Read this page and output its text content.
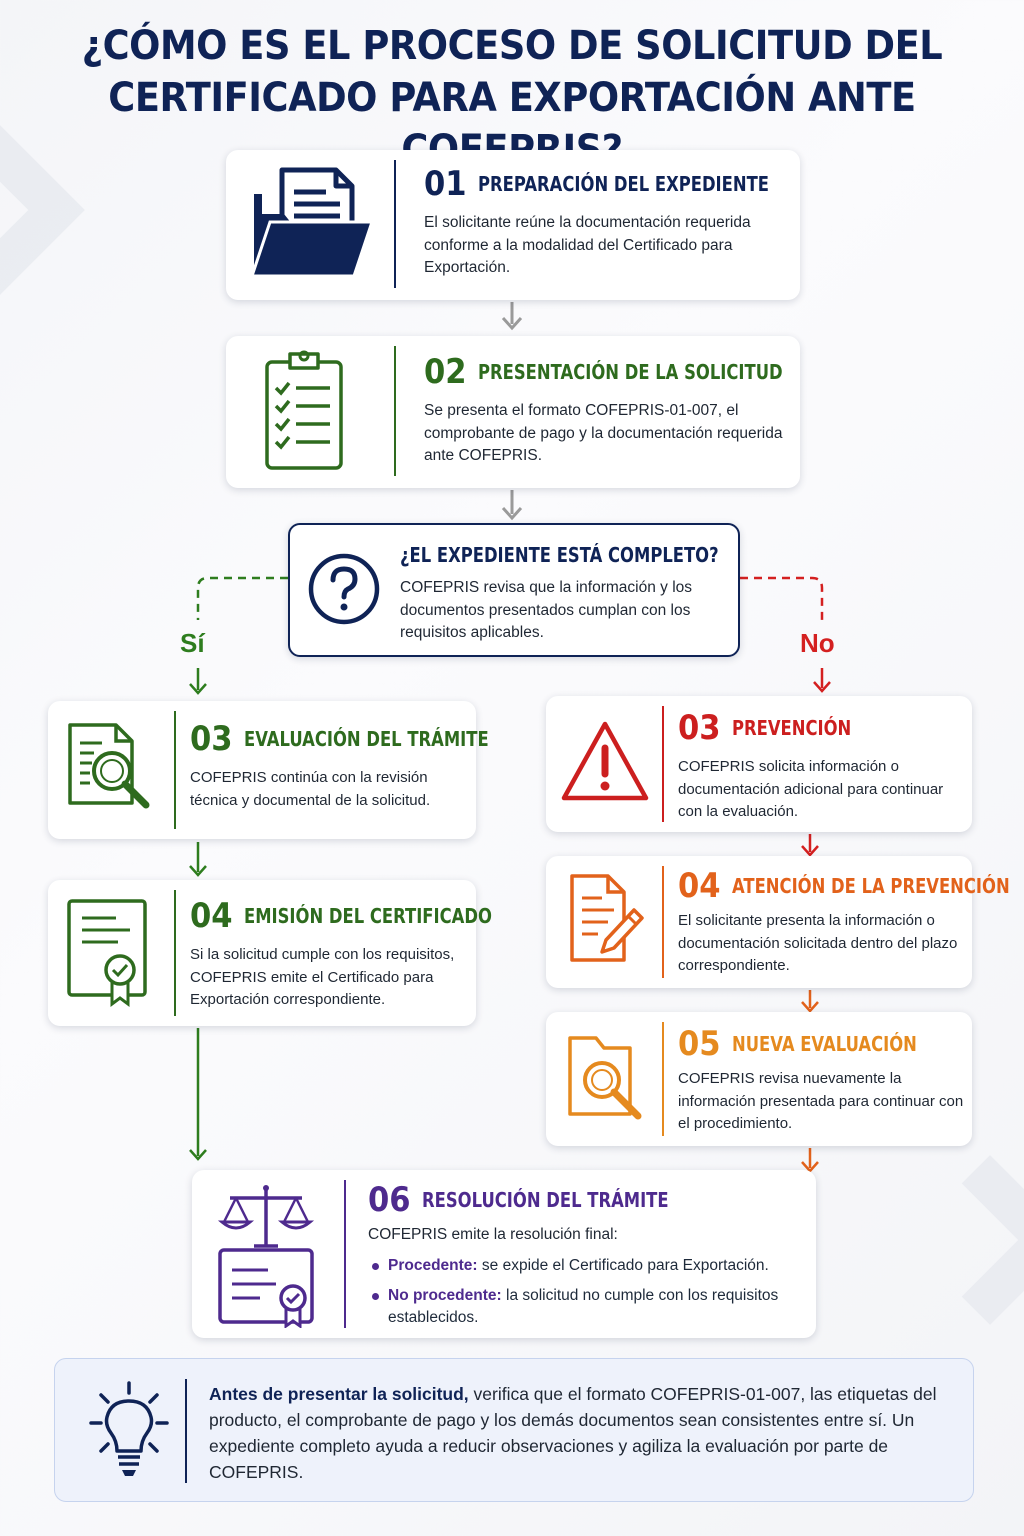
¿CÓMO ES EL PROCESO DE SOLICITUD DEL
CERTIFICADO PARA EXPORTACIÓN ANTE
Sí	No
01 PREPARACIÓN DEL EXPEDIENTE
El solicitante reúne la documentación requerida conforme a la modalidad del Certificado para Exportación.
02 PRESENTACIÓN DE LA SOLICITUD
Se presenta el formato COFEPRIS-01-007, el comprobante de pago y la documentación requerida ante COFEPRIS.
¿EL EXPEDIENTE ESTÁ COMPLETO?
COFEPRIS revisa que la información y los documentos presentados cumplan con los requisitos aplicables.
03 EVALUACIÓN DEL TRÁMITE
COFEPRIS continúa con la revisión técnica y documental de la solicitud.
04 EMISIÓN DEL CERTIFICADO
Si la solicitud cumple con los requisitos, COFEPRIS emite el Certificado para Exportación correspondiente.
03 PREVENCIÓN
COFEPRIS solicita información o documentación adicional para continuar con la evaluación.
04 ATENCIÓN DE LA PREVENCIÓN
El solicitante presenta la información o documentación solicitada dentro del plazo correspondiente.
05 NUEVA EVALUACIÓN
COFEPRIS revisa nuevamente la información presentada para continuar con el procedimiento.
06 RESOLUCIÓN DEL TRÁMITE
COFEPRIS emite la resolución final:
Procedente: se expide el Certificado para Exportación.
No procedente: la solicitud no cumple con los requisitos establecidos.
Antes de presentar la solicitud, verifica que el formato COFEPRIS-01-007, las etiquetas del producto, el comprobante de pago y los demás documentos sean consistentes entre sí. Un expediente completo ayuda a reducir observaciones y agiliza la evaluación por parte de COFEPRIS.
